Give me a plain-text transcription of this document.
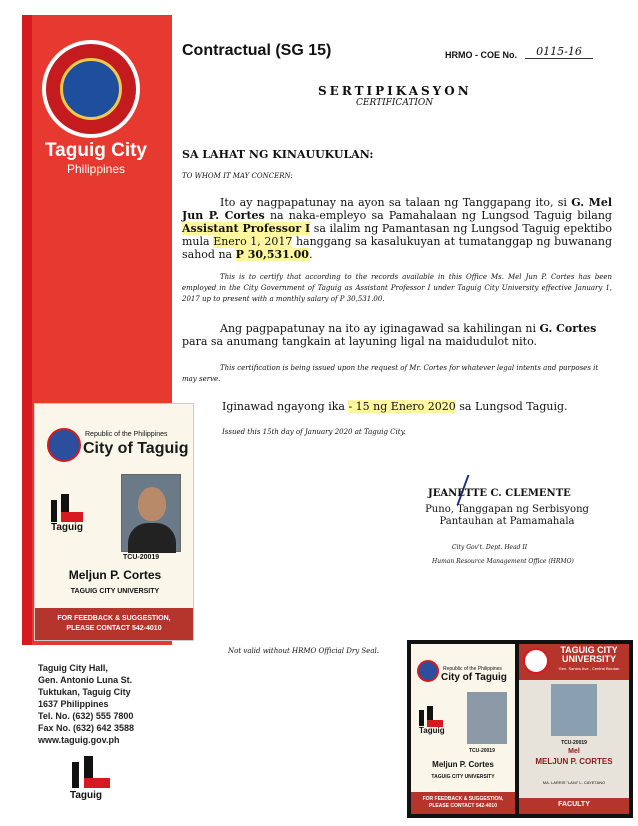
Taguig City
Philippines
Contractual (SG 15)	HRMO - COE No.	0115-16
SERTIPIKASYON
CERTIFICATION
SA LAHAT NG KINAUUKULAN:
TO WHOM IT MAY CONCERN:

Ito ay nagpapatunay na ayon sa talaan ng Tanggapang ito, si G. Mel Jun P. Cortes na naka-empleyo sa Pamahalaan ng Lungsod Taguig bilang Assistant Professor I sa ilalim ng Pamantasan ng Lungsod Taguig epektibo mula Enero 1, 2017 hanggang sa kasalukuyan at tumatanggap ng buwanang sahod na P 30,531.00.

This is to certify that according to the records available in this Office Ms. Mel Jun P. Cortes has been employed in the City Government of Taguig as Assistant Professor I under Taguig City University effective January 1, 2017 up to present with a monthly salary of P 30,531.00.

Ang pagpapatunay na ito ay iginagawad sa kahilingan ni G. Cortes para sa anumang tangkain at layuning ligal na maidudulot nito.

This certification is being issued upon the request of Mr. Cortes for whatever legal intents and purposes it may serve.

Iginawad ngayong ika - 15 ng Enero 2020 sa Lungsod Taguig.
Issued this 15th day of January 2020 at Taguig City.
JEANETTE C. CLEMENTE
Puno, Tanggapan ng Serbisyong
Pantauhan at Pamamahala
City Gov't. Dept. Head II
Human Resource Management Office (HRMO)
Not valid without HRMO Official Dry Seal.
Taguig City Hall,
Gen. Antonio Luna St.
Tuktukan, Taguig City
1637 Philippines
Tel. No. (632) 555 7800
Fax No. (632) 642 3588
www.taguig.gov.ph
Taguig
Republic of the Philippines
City of Taguig
Taguig
TCU-20019
Meljun P. Cortes
TAGUIG CITY UNIVERSITY
FOR FEEDBACK & SUGGESTION,
PLEASE CONTACT 542-4010
Republic of the Philippines
City of Taguig
Taguig
TCU-20019
Meljun P. Cortes
TAGUIG CITY UNIVERSITY
FOR FEEDBACK & SUGGESTION,
PLEASE CONTACT 542-4010
TAGUIG CITY
UNIVERSITY
Gen. Santos Ave., Central Bicutan
TCU-20019
Mel
MELJUN P. CORTES
MA. LARRIS "LANI" L. CAYETANO
FACULTY
